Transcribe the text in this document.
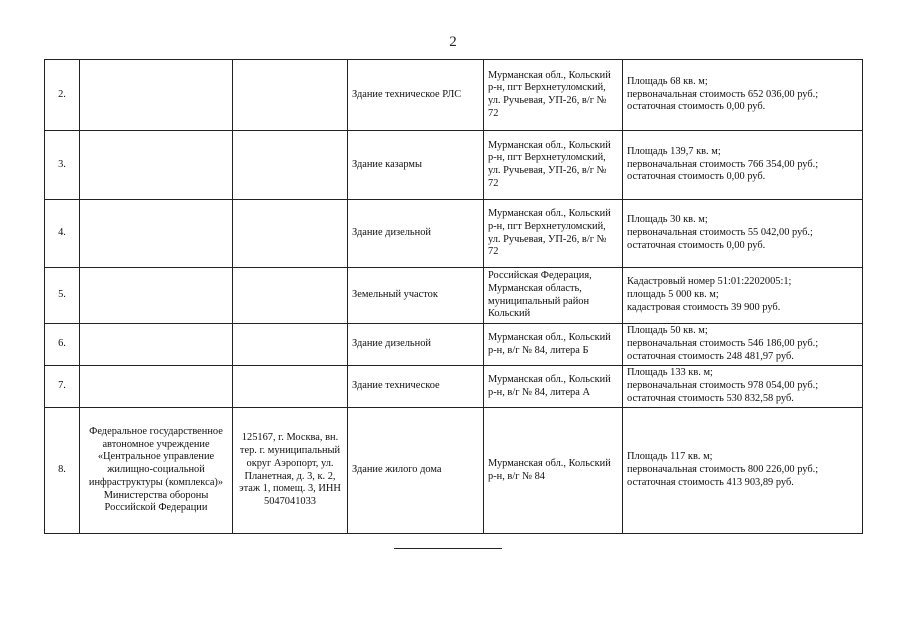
2
2.			Здание техническое РЛС	Мурманская обл., Кольский р-н, пгт Верхнетуломский, ул. Ручьевая, УП-26, в/г № 72	Площадь 68 кв. м;
первоначальная стоимость 652 036,00 руб.;
остаточная стоимость 0,00 руб.

3.			Здание казармы	Мурманская обл., Кольский р-н, пгт Верхнетуломский, ул. Ручьевая, УП-26, в/г № 72	Площадь 139,7 кв. м;
первоначальная стоимость 766 354,00 руб.;
остаточная стоимость 0,00 руб.

4.			Здание дизельной	Мурманская обл., Кольский р-н, пгт Верхнетуломский, ул. Ручьевая, УП-26, в/г № 72	Площадь 30 кв. м;
первоначальная стоимость 55 042,00 руб.;
остаточная стоимость 0,00 руб.

5.			Земельный участок	Российская Федерация, Мурманская область, муниципальный район Кольский	Кадастровый номер 51:01:2202005:1;
площадь 5 000 кв. м;
кадастровая стоимость 39 900 руб.

6.			Здание дизельной	Мурманская обл., Кольский р-н, в/г № 84, литера Б	Площадь 50 кв. м;
первоначальная стоимость 546 186,00 руб.;
остаточная стоимость 248 481,97 руб.

7.			Здание техническое	Мурманская обл., Кольский р-н, в/г № 84, литера А	Площадь 133 кв. м;
первоначальная стоимость 978 054,00 руб.;
остаточная стоимость 530 832,58 руб.

8.	Федеральное государственное автономное учреждение «Центральное управление жилищно-социальной инфраструктуры (комплекса)» Министерства обороны Российской Федерации	125167, г. Москва, вн. тер. г. муниципальный округ Аэропорт, ул. Планетная, д. 3, к. 2, этаж 1, помещ. 3, ИНН 5047041033	Здание жилого дома	Мурманская обл., Кольский р-н, в/г № 84	Площадь 117 кв. м;
первоначальная стоимость 800 226,00 руб.;
остаточная стоимость 413 903,89 руб.
